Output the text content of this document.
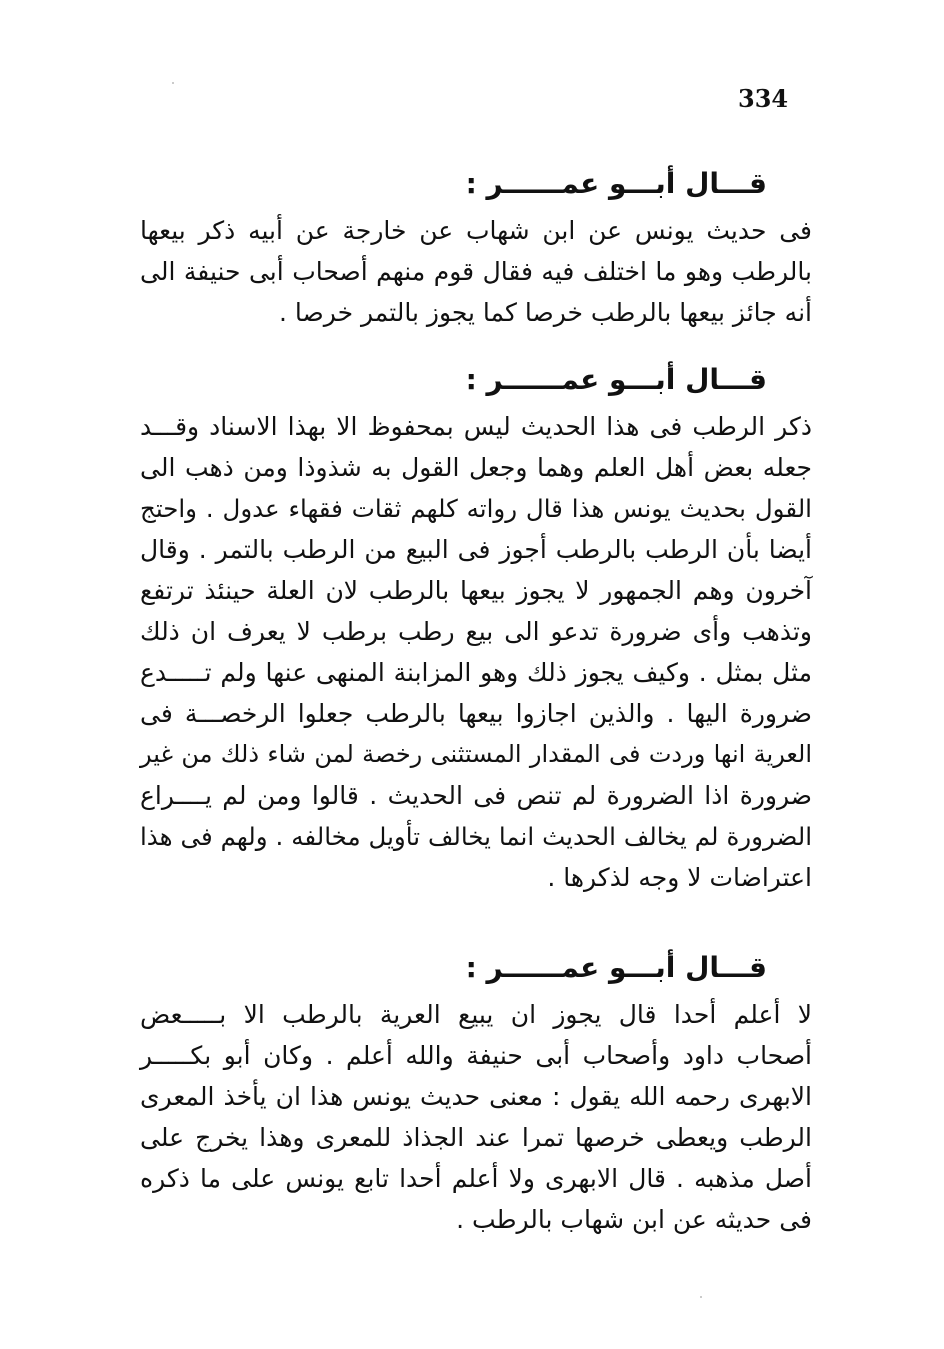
334
قـــال أبـــو عمــــــر :

فى حديث يونس عن ابن شهاب عن خارجة عن أبيه ذكر بيعها

بالرطب وهو ما اختلف فيه فقال قوم منهم أصحاب أبى حنيفة الى

أنه جائز بيعها بالرطب خرصا كما يجوز بالتمر خرصا .

قـــال أبـــو عمــــــر :

ذكر الرطب فى هذا الحديث ليس بمحفوظ الا بهذا الاسناد وقـــد

جعله بعض أهل العلم وهما وجعل القول به شذوذا ومن ذهب الى

القول بحديث يونس هذا قال رواته كلهم ثقات فقهاء عدول . واحتج

أيضا بأن الرطب بالرطب أجوز فى البيع من الرطب بالتمر . وقال

آخرون وهم الجمهور لا يجوز بيعها بالرطب لان العلة حينئذ ترتفع

وتذهب وأى ضرورة تدعو الى بيع رطب برطب لا يعرف ان ذلك

مثل بمثل . وكيف يجوز ذلك وهو المزابنة المنهى عنها ولم تـــــدع

ضرورة اليها . والذين اجازوا بيعها بالرطب جعلوا الرخصـــة فى

العرية انها وردت فى المقدار المستثنى رخصة لمن شاء ذلك من غير

ضرورة اذا الضرورة لم تنص فى الحديث . قالوا ومن لم يــــراع

الضرورة لم يخالف الحديث انما يخالف تأويل مخالفه . ولهم فى هذا

اعتراضات لا وجه لذكرها .

قـــال أبـــو عمــــــر :

لا أعلم أحدا قال يجوز ان يبيع العرية بالرطب الا بـــــعض

أصحاب داود وأصحاب أبى حنيفة والله أعلم . وكان أبو بكـــــر

الابهرى رحمه الله يقول : معنى حديث يونس هذا ان يأخذ المعرى

الرطب ويعطى خرصها تمرا عند الجذاذ للمعرى وهذا يخرج على

أصل مذهبه . قال الابهرى ولا أعلم أحدا تابع يونس على ما ذكره

فى حديثه عن ابن شهاب بالرطب .
